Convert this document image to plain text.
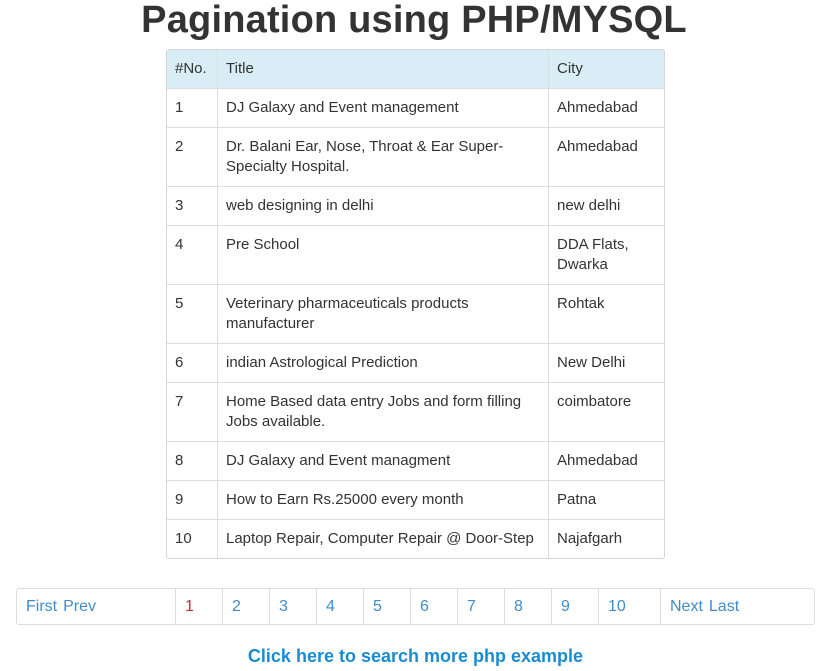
Pagination using PHP/MYSQL
#No.	Title	City
1	DJ Galaxy and Event management	Ahmedabad
2	Dr. Balani Ear, Nose, Throat & Ear Super-Specialty Hospital.	Ahmedabad
3	web designing in delhi	new delhi
4	Pre School	DDA Flats, Dwarka
5	Veterinary pharmaceuticals products manufacturer	Rohtak
6	indian Astrological Prediction	New Delhi
7	Home Based data entry Jobs and form filling Jobs available.	coimbatore
8	DJ Galaxy and Event managment	Ahmedabad
9	How to Earn Rs.25000 every month	Patna
10	Laptop Repair, Computer Repair @ Door-Step	Najafgarh
First Prev	1	2	3	4	5	6	7	8	9	10	Next Last
Click here to search more php example
